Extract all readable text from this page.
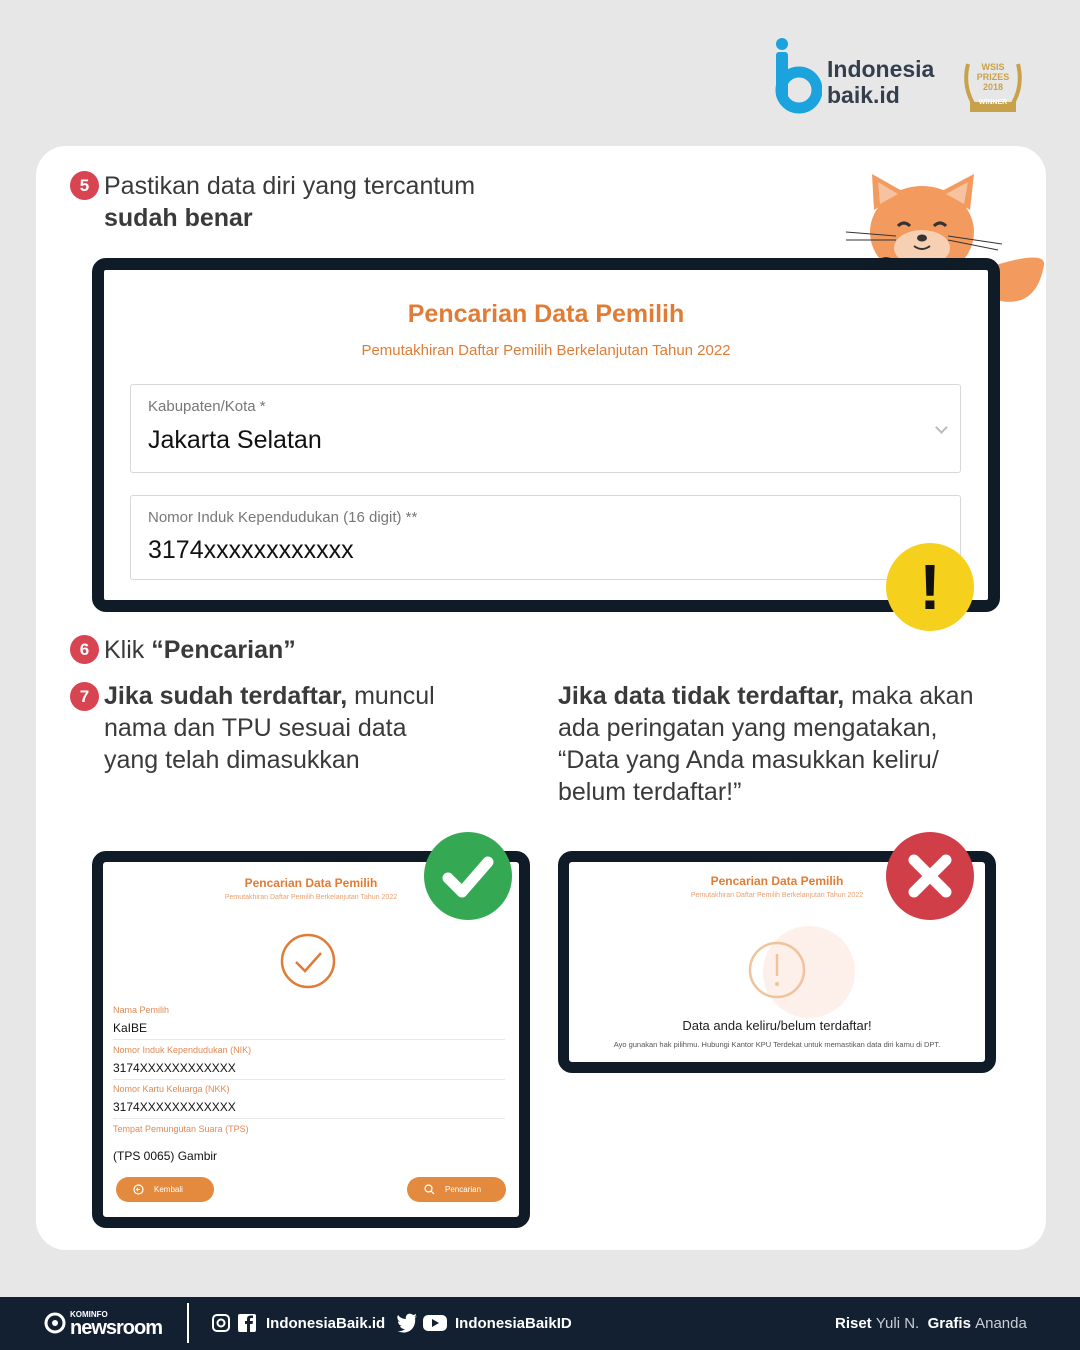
Indonesia
baik.id
WSIS
PRIZES
2018
WINNER
5 Pastikan data diri yang tercantum
sudah benar
Pencarian Data Pemilih
Pemutakhiran Daftar Pemilih Berkelanjutan Tahun 2022
Kabupaten/Kota *
Jakarta Selatan
Nomor Induk Kependudukan (16 digit) **
3174xxxxxxxxxxxx
!
6 Klik “Pencarian”
7 Jika sudah terdaftar, muncul
nama dan TPU sesuai data
yang telah dimasukkan
Jika data tidak terdaftar, maka akan
ada peringatan yang mengatakan,
“Data yang Anda masukkan keliru/
belum terdaftar!”
Pencarian Data Pemilih
Pemutakhiran Daftar Pemilih Berkelanjutan Tahun 2022
Nama Pemilih
KaIBE
Nomor Induk Kependudukan (NIK)
3174XXXXXXXXXXXX
Nomor Kartu Keluarga (NKK)
3174XXXXXXXXXXXX
Tempat Pemungutan Suara (TPS)
(TPS 0065) Gambir
Kembali	Pencarian
Pencarian Data Pemilih
Pemutakhiran Daftar Pemilih Berkelanjutan Tahun 2022
Data anda keliru/belum terdaftar!
Ayo gunakan hak pilihmu. Hubungi Kantor KPU Terdekat untuk memastikan data diri kamu di DPT.
KOMINFO
newsroom	IndonesiaBaik.id	IndonesiaBaikID	Riset Yuli N. Grafis Ananda
